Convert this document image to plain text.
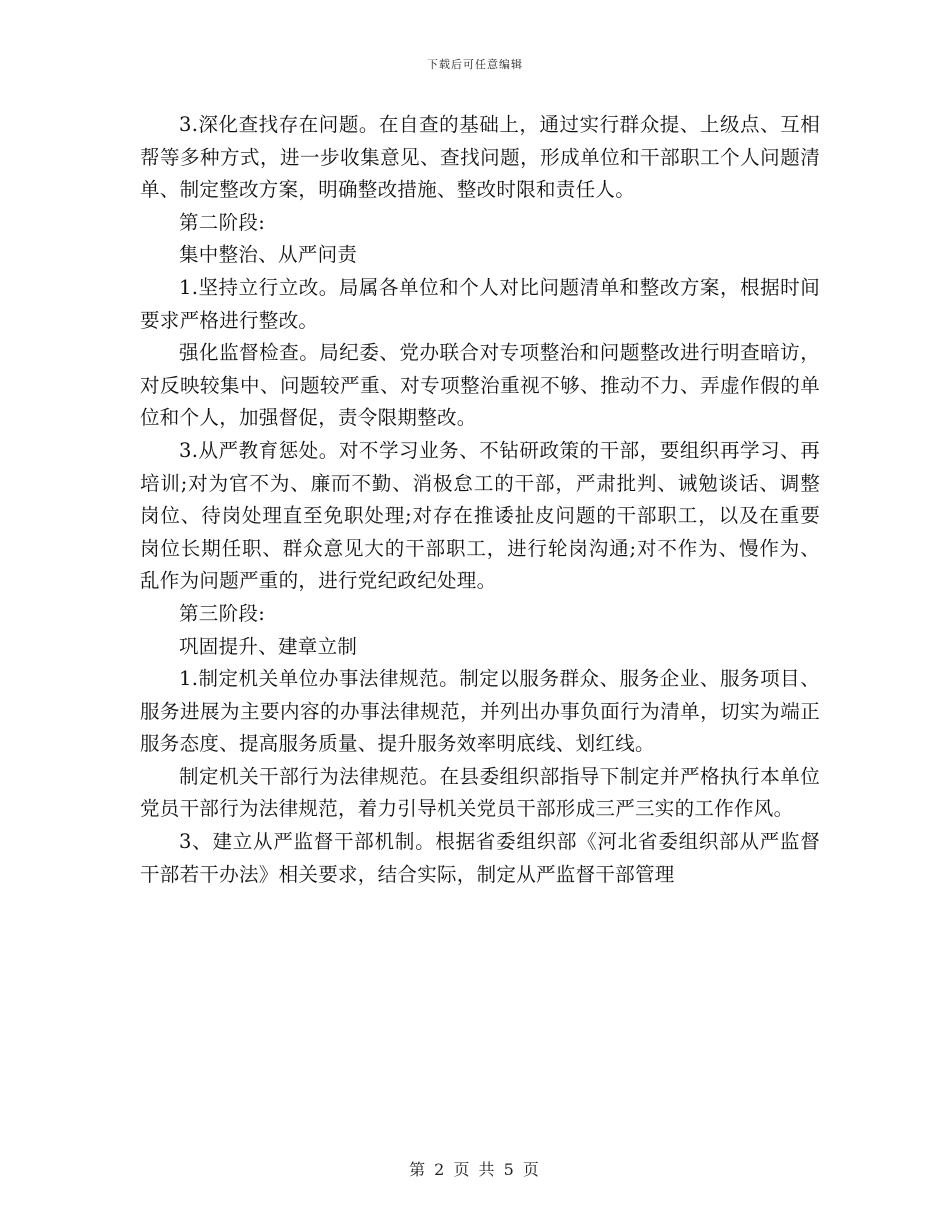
下载后可任意编辑

3.深化查找存在问题。在自查的基础上，通过实行群众提、上级点、互相帮等多种方式，进一步收集意见、查找问题，形成单位和干部职工个人问题清单、制定整改方案，明确整改措施、整改时限和责任人。

第二阶段:

集中整治、从严问责

1.坚持立行立改。局属各单位和个人对比问题清单和整改方案，根据时间要求严格进行整改。

强化监督检查。局纪委、党办联合对专项整治和问题整改进行明查暗访，对反映较集中、问题较严重、对专项整治重视不够、推动不力、弄虚作假的单位和个人，加强督促，责令限期整改。

3.从严教育惩处。对不学习业务、不钻研政策的干部，要组织再学习、再培训;对为官不为、廉而不勤、消极怠工的干部，严肃批判、诫勉谈话、调整岗位、待岗处理直至免职处理;对存在推诿扯皮问题的干部职工，以及在重要岗位长期任职、群众意见大的干部职工，进行轮岗沟通;对不作为、慢作为、乱作为问题严重的，进行党纪政纪处理。

第三阶段:

巩固提升、建章立制

1.制定机关单位办事法律规范。制定以服务群众、服务企业、服务项目、服务进展为主要内容的办事法律规范，并列出办事负面行为清单，切实为端正服务态度、提高服务质量、提升服务效率明底线、划红线。

制定机关干部行为法律规范。在县委组织部指导下制定并严格执行本单位党员干部行为法律规范，着力引导机关党员干部形成三严三实的工作作风。

3、建立从严监督干部机制。根据省委组织部《河北省委组织部从严监督干部若干办法》相关要求，结合实际，制定从严监督干部管理

第 2 页 共 5 页
